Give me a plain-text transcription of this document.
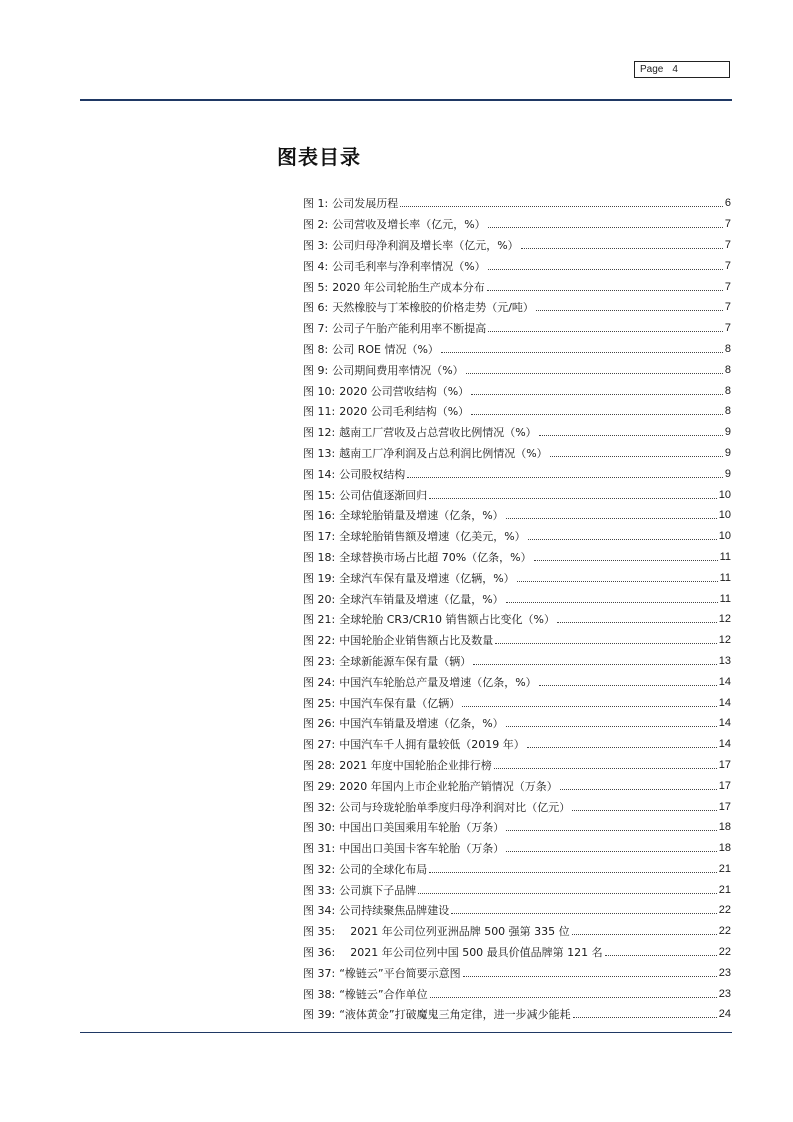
Page 4
图表目录
图 1: 公司发展历程	6
图 2: 公司营收及增长率（亿元，%）	7
图 3: 公司归母净利润及增长率（亿元，%）	7
图 4: 公司毛利率与净利率情况（%）	7
图 5: 2020 年公司轮胎生产成本分布	7
图 6: 天然橡胶与丁苯橡胶的价格走势（元/吨）	7
图 7: 公司子午胎产能利用率不断提高	7
图 8: 公司 ROE 情况（%）	8
图 9: 公司期间费用率情况（%）	8
图 10: 2020 公司营收结构（%）	8
图 11: 2020 公司毛利结构（%）	8
图 12: 越南工厂营收及占总营收比例情况（%）	9
图 13: 越南工厂净利润及占总利润比例情况（%）	9
图 14: 公司股权结构	9
图 15: 公司估值逐渐回归	10
图 16: 全球轮胎销量及增速（亿条，%）	10
图 17: 全球轮胎销售额及增速（亿美元，%）	10
图 18: 全球替换市场占比超 70%（亿条，%）	11
图 19: 全球汽车保有量及增速（亿辆，%）	11
图 20: 全球汽车销量及增速（亿量，%）	11
图 21: 全球轮胎 CR3/CR10 销售额占比变化（%）	12
图 22: 中国轮胎企业销售额占比及数量	12
图 23: 全球新能源车保有量（辆）	13
图 24: 中国汽车轮胎总产量及增速（亿条，%）	14
图 25: 中国汽车保有量（亿辆）	14
图 26: 中国汽车销量及增速（亿条，%）	14
图 27: 中国汽车千人拥有量较低（2019 年）	14
图 28: 2021 年度中国轮胎企业排行榜	17
图 29: 2020 年国内上市企业轮胎产销情况（万条）	17
图 32: 公司与玲珑轮胎单季度归母净利润对比（亿元）	17
图 30: 中国出口美国乘用车轮胎（万条）	18
图 31: 中国出口美国卡客车轮胎（万条）	18
图 32: 公司的全球化布局	21
图 33: 公司旗下子品牌	21
图 34: 公司持续聚焦品牌建设	22
图 35: 　2021 年公司位列亚洲品牌 500 强第 335 位	22
图 36: 　2021 年公司位列中国 500 最具价值品牌第 121 名	22
图 37: “橡链云”平台简要示意图	23
图 38: “橡链云”合作单位	23
图 39: “液体黄金”打破魔鬼三角定律，进一步减少能耗	24
